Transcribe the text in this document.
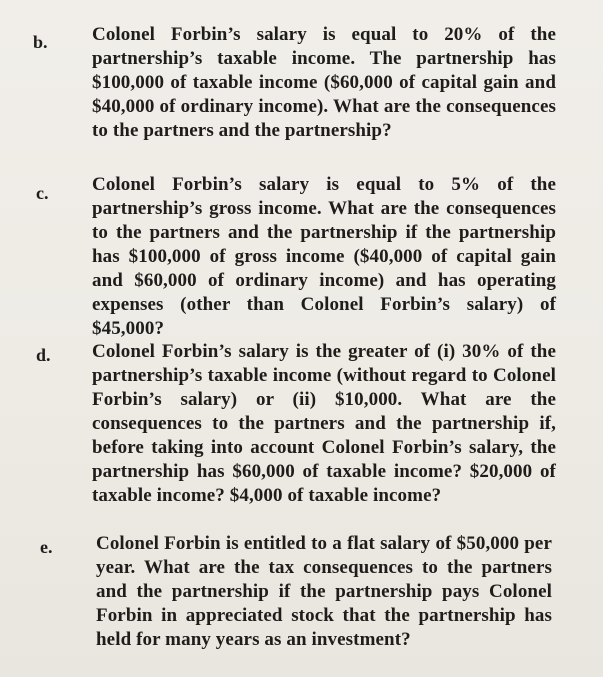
b. Colonel Forbin’s salary is equal to 20% of the partnership’s taxable income. The partnership has $100,000 of taxable income ($60,000 of capital gain and $40,000 of ordinary income). What are the consequences to the partners and the partnership?
c. Colonel Forbin’s salary is equal to 5% of the partnership’s gross income. What are the consequences to the partners and the partnership if the partnership has $100,000 of gross income ($40,000 of capital gain and $60,000 of ordinary income) and has operating expenses (other than Colonel Forbin’s salary) of $45,000?
d. Colonel Forbin’s salary is the greater of (i) 30% of the partnership’s taxable income (without regard to Colonel Forbin’s salary) or (ii) $10,000. What are the consequences to the partners and the partnership if, before taking into account Colonel Forbin’s salary, the partnership has $60,000 of taxable income? $20,000 of taxable income? $4,000 of taxable income?
e. Colonel Forbin is entitled to a flat salary of $50,000 per year. What are the tax consequences to the partners and the partnership if the partnership pays Colonel Forbin in appreciated stock that the partnership has held for many years as an investment?
